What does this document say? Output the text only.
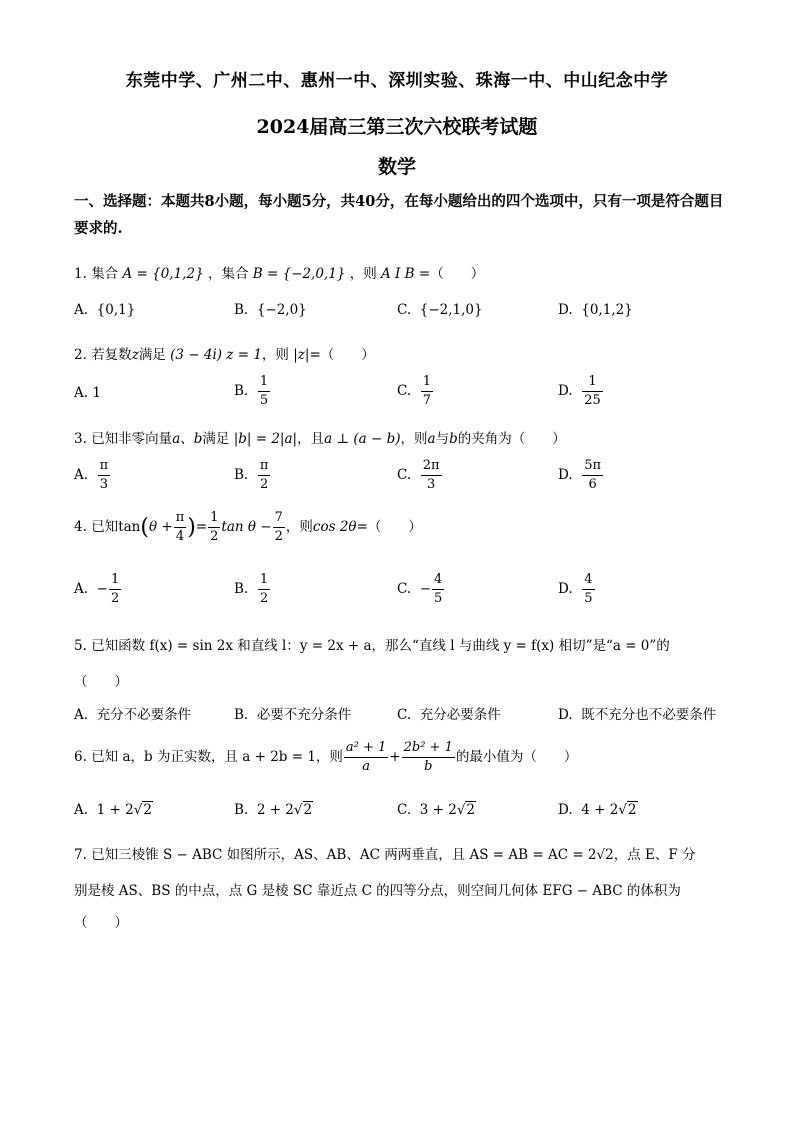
东莞中学、广州二中、惠州一中、深圳实验、珠海一中、中山纪念中学
2024届高三第三次六校联考试题
数学
一、选择题：本题共8小题，每小题5分，共40分，在每小题给出的四个选项中，只有一项是符合题目要求的.
1. 集合 A = {0,1,2} ，集合 B = {−2,0,1} ，则 A I B =（　　）
A. {0,1}	B. {−2,0}	C. {−2,1,0}	D. {0,1,2}
2. 若复数z满足 (3 − 4i) z = 1，则 |z|=（　　）
A. 1	B. $\frac{1}{5}$	C. $\frac{1}{7}$	D. $\frac{1}{25}$
3. 已知非零向量a、b满足 |b| = 2|a|，且a ⊥ (a − b)，则a与b的夹角为（　　）
A. $\frac{\pi}{3}$	B. $\frac{\pi}{2}$	C. $\frac{2\pi}{3}$	D. $\frac{5\pi}{6}$
4. 已知$\tan(\theta + \frac{\pi}{4}$ )= $\frac{1}{2}$ $\tan \theta - \frac{7}{2}$ ，则cos 2θ=（　　）
A. − $\frac{1}{2}$	B. $\frac{1}{2}$	C. − $\frac{4}{5}$	D. $\frac{4}{5}$
5. 已知函数 f(x) = sin 2x 和直线 l：y = 2x + a，那么“直线 l 与曲线 y = f(x) 相切”是“a = 0”的
（　　）
A. 充分不必要条件	B. 必要不充分条件	C. 充分必要条件	D. 既不充分也不必要条件
6. 已知 a，b 为正实数，且 a + 2b = 1，则 $\frac{\text{a² + 1}}{a} + \frac{\text{2b² + 1}}{b}$ 的最小值为（　　）
A. 1 + 2√2	B. 2 + 2√2	C. 3 + 2√2	D. 4 + 2√2
7. 已知三棱锥 S − ABC 如图所示，AS、AB、AC 两两垂直，且 AS = AB = AC = 2√2，点 E、F 分
别是棱 AS、BS 的中点，点 G 是棱 SC 靠近点 C 的四等分点，则空间几何体 EFG − ABC 的体积为
（　　）
